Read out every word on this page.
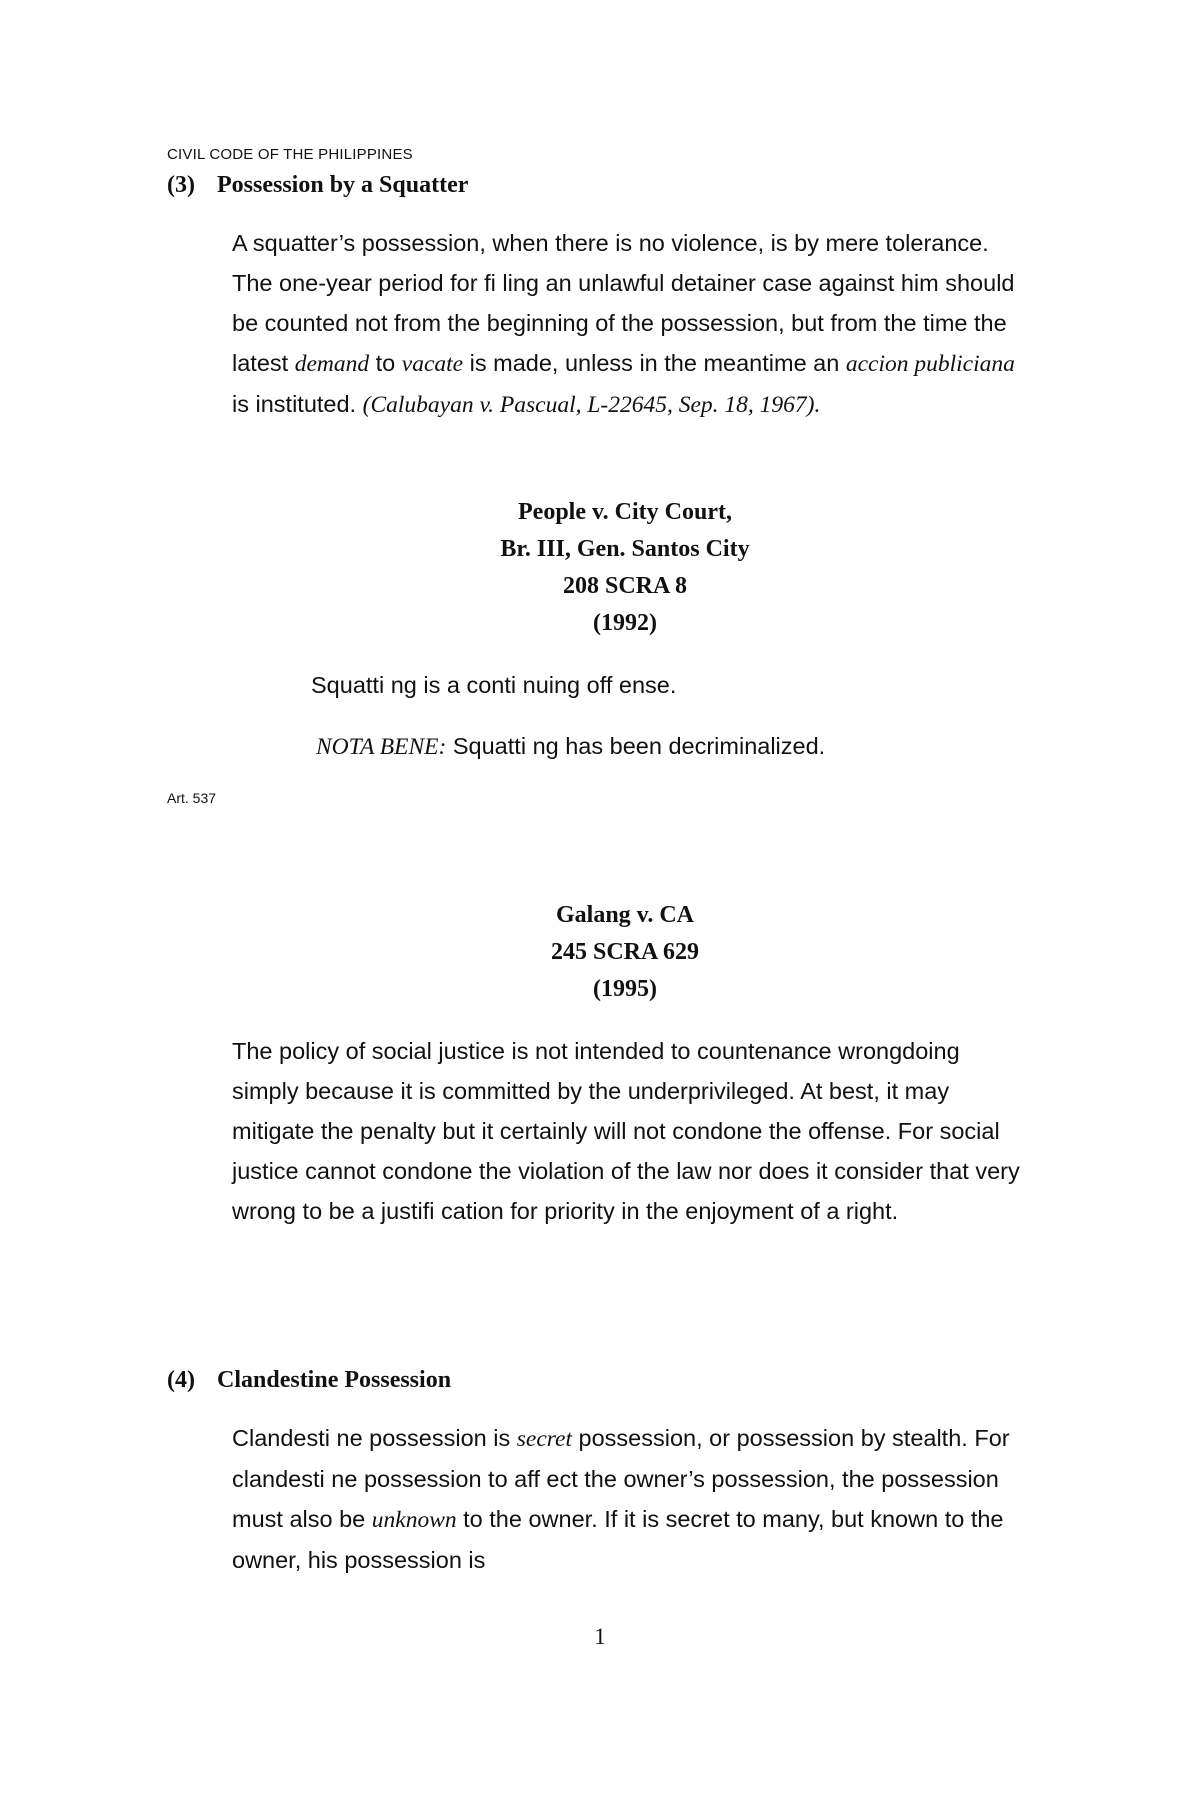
CIVIL CODE OF THE PHILIPPINES
(3) Possession by a Squatter

A squatter’s possession, when there is no violence, is by mere tolerance. The one-year period for fi ling an unlawful detainer case against him should be counted not from the beginning of the possession, but from the time the latest demand to vacate is made, unless in the meantime an accion publiciana is instituted. (Calubayan v. Pascual, L-22645, Sep. 18, 1967).

People v. City Court,
Br. III, Gen. Santos City
208 SCRA 8
(1992)
Squatti ng is a conti nuing off ense.
NOTA BENE: Squatti ng has been decriminalized.
Art. 537
Galang v. CA
245 SCRA 629
(1995)

The policy of social justice is not intended to countenance wrongdoing simply because it is committed by the underprivileged. At best, it may mitigate the penalty but it certainly will not condone the offense. For social justice cannot condone the violation of the law nor does it consider that very wrong to be a justifi cation for priority in the enjoyment of a right.

(4) Clandestine Possession

Clandesti ne possession is secret possession, or possession by stealth. For clandesti ne possession to aff ect the owner’s possession, the possession must also be unknown to the owner. If it is secret to many, but known to the owner, his possession is

1
